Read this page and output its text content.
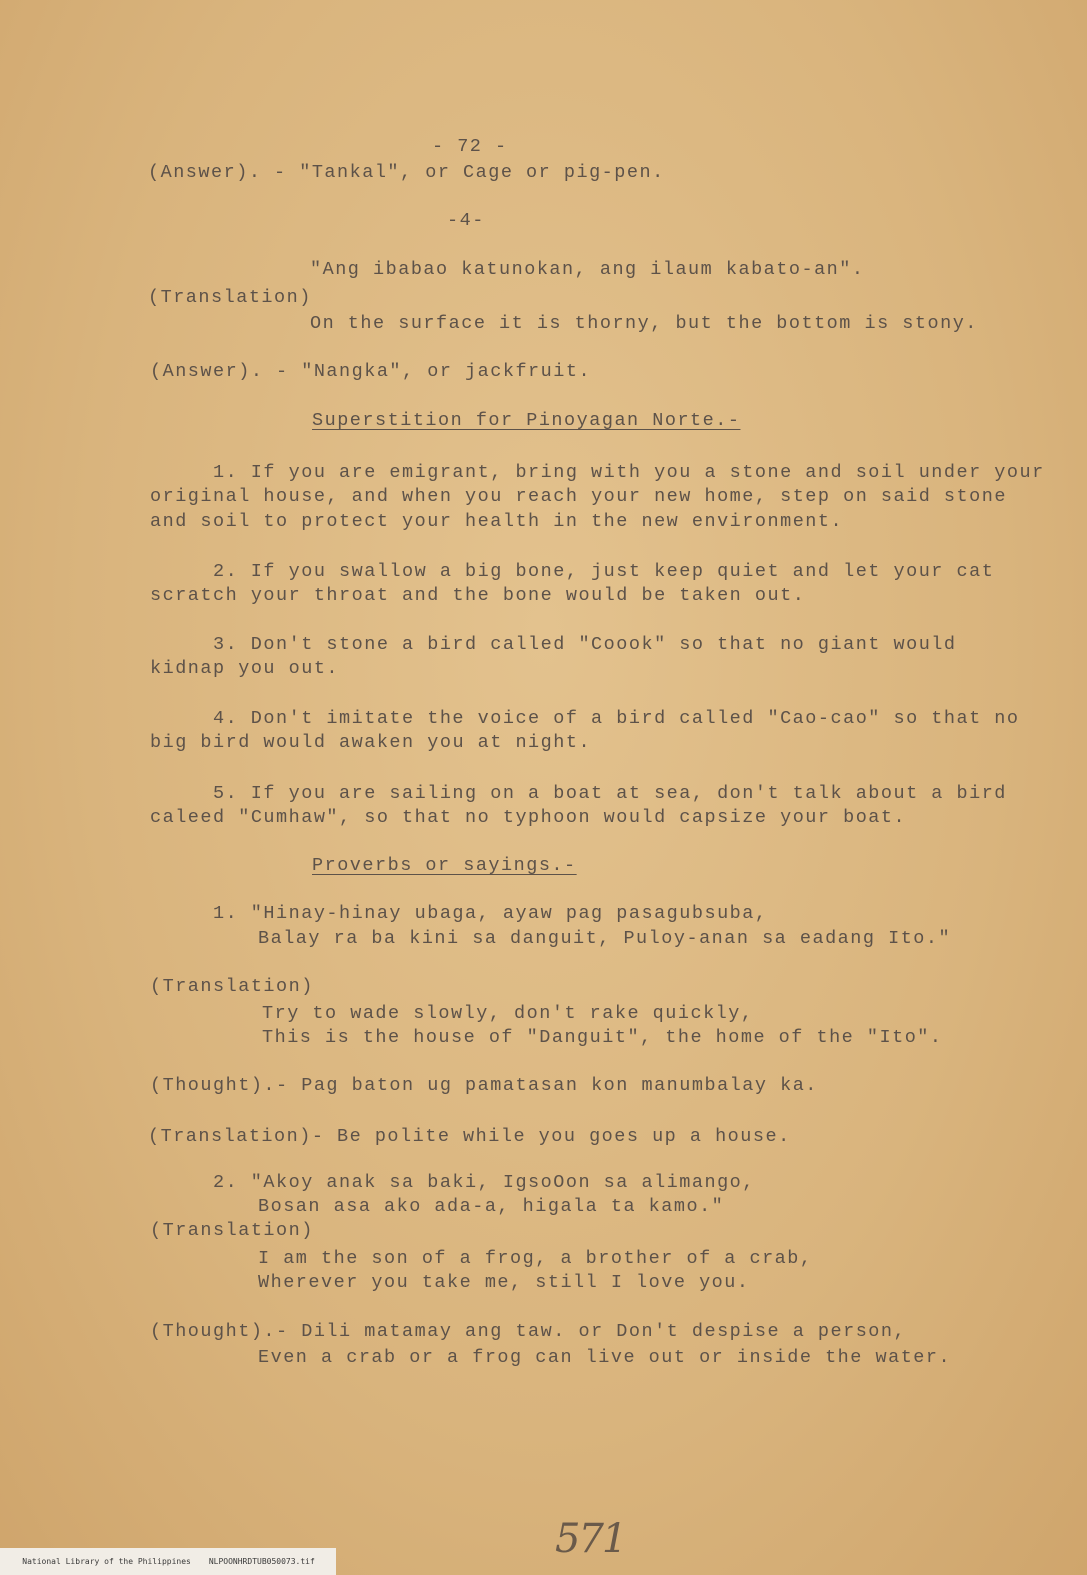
- 72 -
(Answer). - "Tankal", or Cage or pig-pen.
-4-
"Ang ibabao katunokan, ang ilaum kabato-an".
(Translation)
On the surface it is thorny, but the bottom is stony.
(Answer). - "Nangka", or jackfruit.
Superstition for Pinoyagan Norte.-
1. If you are emigrant, bring with you a stone and soil under your
original house, and when you reach your new home, step on said stone
and soil to protect your health in the new environment.
2. If you swallow a big bone, just keep quiet and let your cat
scratch your throat and the bone would be taken out.
3. Don't stone a bird called "Coook" so that no giant would
kidnap you out.
4. Don't imitate the voice of a bird called "Cao-cao" so that no
big bird would awaken you at night.
5. If you are sailing on a boat at sea, don't talk about a bird
caleed "Cumhaw", so that no typhoon would capsize your boat.
Proverbs or sayings.-
1. "Hinay-hinay ubaga, ayaw pag pasagubsuba,
Balay ra ba kini sa danguit, Puloy-anan sa eadang Ito."
(Translation)
Try to wade slowly, don't rake quickly,
This is the house of "Danguit", the home of the "Ito".
(Thought).- Pag baton ug pamatasan kon manumbalay ka.
(Translation)- Be polite while you goes up a house.
2. "Akoy anak sa baki, IgsoOon sa alimango,
Bosan asa ako ada-a, higala ta kamo."
(Translation)
I am the son of a frog, a brother of a crab,
Wherever you take me, still I love you.
(Thought).- Dili matamay ang taw. or Don't despise a person,
Even a crab or a frog can live out or inside the water.
571

National Library of the Philippines NLPOONHRDTUB050073.tif
